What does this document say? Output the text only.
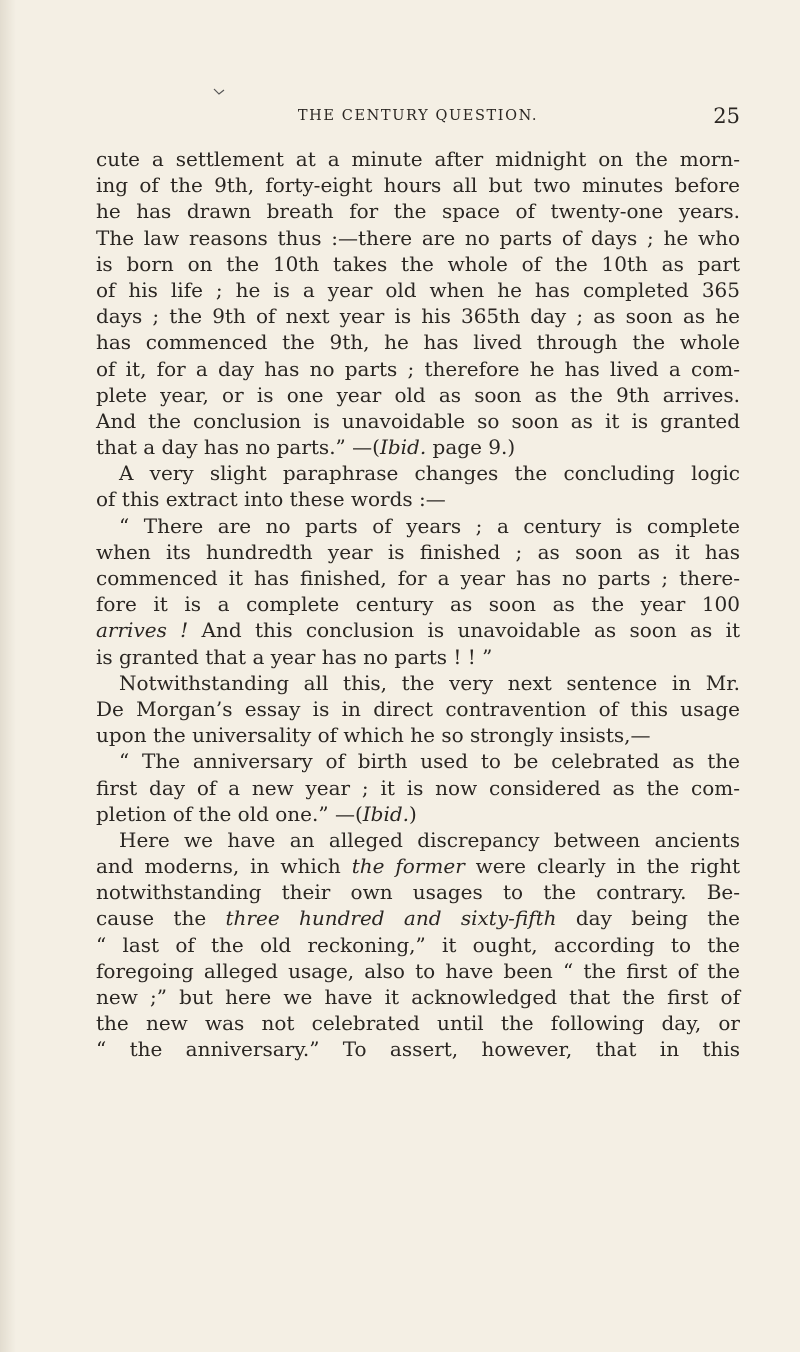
THE CENTURY QUESTION.	25
cute a settlement at a minute after midnight on the morn-
ing of the 9th, forty-eight hours all but two minutes before
he has drawn breath for the space of twenty-one years.
The law reasons thus :—there are no parts of days ; he who
is born on the 10th takes the whole of the 10th as part
of his life ; he is a year old when he has completed 365
days ; the 9th of next year is his 365th day ; as soon as he
has commenced the 9th, he has lived through the whole
of it, for a day has no parts ; therefore he has lived a com-
plete year, or is one year old as soon as the 9th arrives.
And the conclusion is unavoidable so soon as it is granted
that a day has no parts.” —(Ibid. page 9.)
A very slight paraphrase changes the concluding logic
of this extract into these words :—
“ There are no parts of years ; a century is complete
when its hundredth year is finished ; as soon as it has
commenced it has finished, for a year has no parts ; there-
fore it is a complete century as soon as the year 100
arrives ! And this conclusion is unavoidable as soon as it
is granted that a year has no parts ! ! ”
Notwithstanding all this, the very next sentence in Mr.
De Morgan’s essay is in direct contravention of this usage
upon the universality of which he so strongly insists,—
“ The anniversary of birth used to be celebrated as the
first day of a new year ; it is now considered as the com-
pletion of the old one.” —(Ibid.)
Here we have an alleged discrepancy between ancients
and moderns, in which the former were clearly in the right
notwithstanding their own usages to the contrary. Be-
cause the three hundred and sixty-fifth day being the
“ last of the old reckoning,” it ought, according to the
foregoing alleged usage, also to have been “ the first of the
new ;” but here we have it acknowledged that the first of
the new was not celebrated until the following day, or
“ the anniversary.” To assert, however, that in this
